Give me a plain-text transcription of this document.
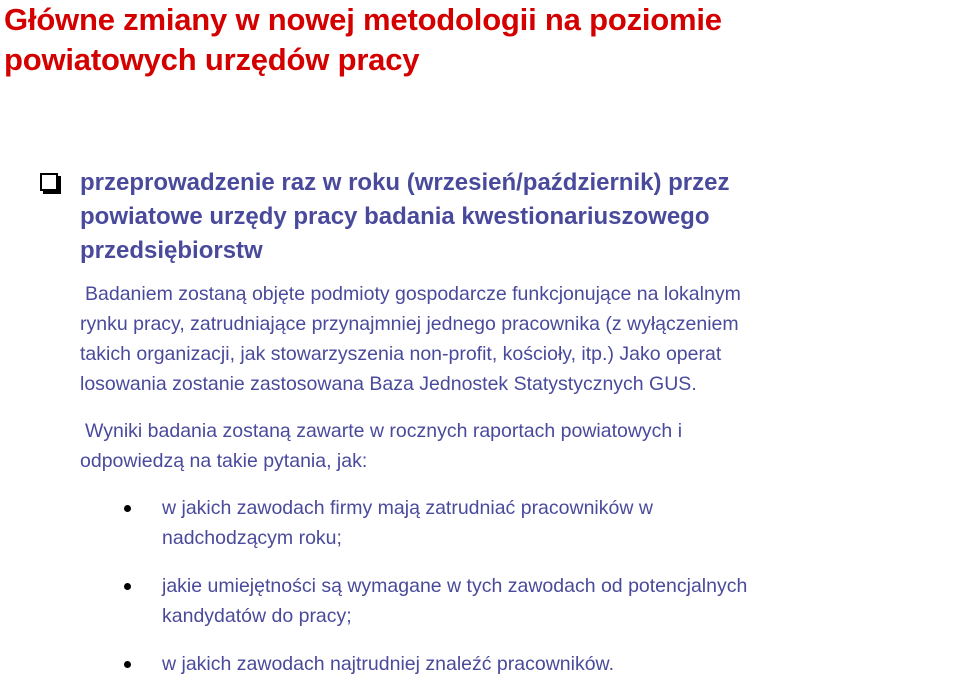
Główne zmiany w nowej metodologii na poziomie
powiatowych urzędów pracy
przeprowadzenie raz w roku (wrzesień/październik) przez
powiatowe urzędy pracy badania kwestionariuszowego
przedsiębiorstw
Badaniem zostaną objęte podmioty gospodarcze funkcjonujące na lokalnym
rynku pracy, zatrudniające przynajmniej jednego pracownika (z wyłączeniem
takich organizacji, jak stowarzyszenia non-profit, kościoły, itp.) Jako operat
losowania zostanie zastosowana Baza Jednostek Statystycznych GUS.
Wyniki badania zostaną zawarte w rocznych raportach powiatowych i
odpowiedzą na takie pytania, jak:
w jakich zawodach firmy mają zatrudniać pracowników w
nadchodzącym roku;
jakie umiejętności są wymagane w tych zawodach od potencjalnych
kandydatów do pracy;
w jakich zawodach najtrudniej znaleźć pracowników.
